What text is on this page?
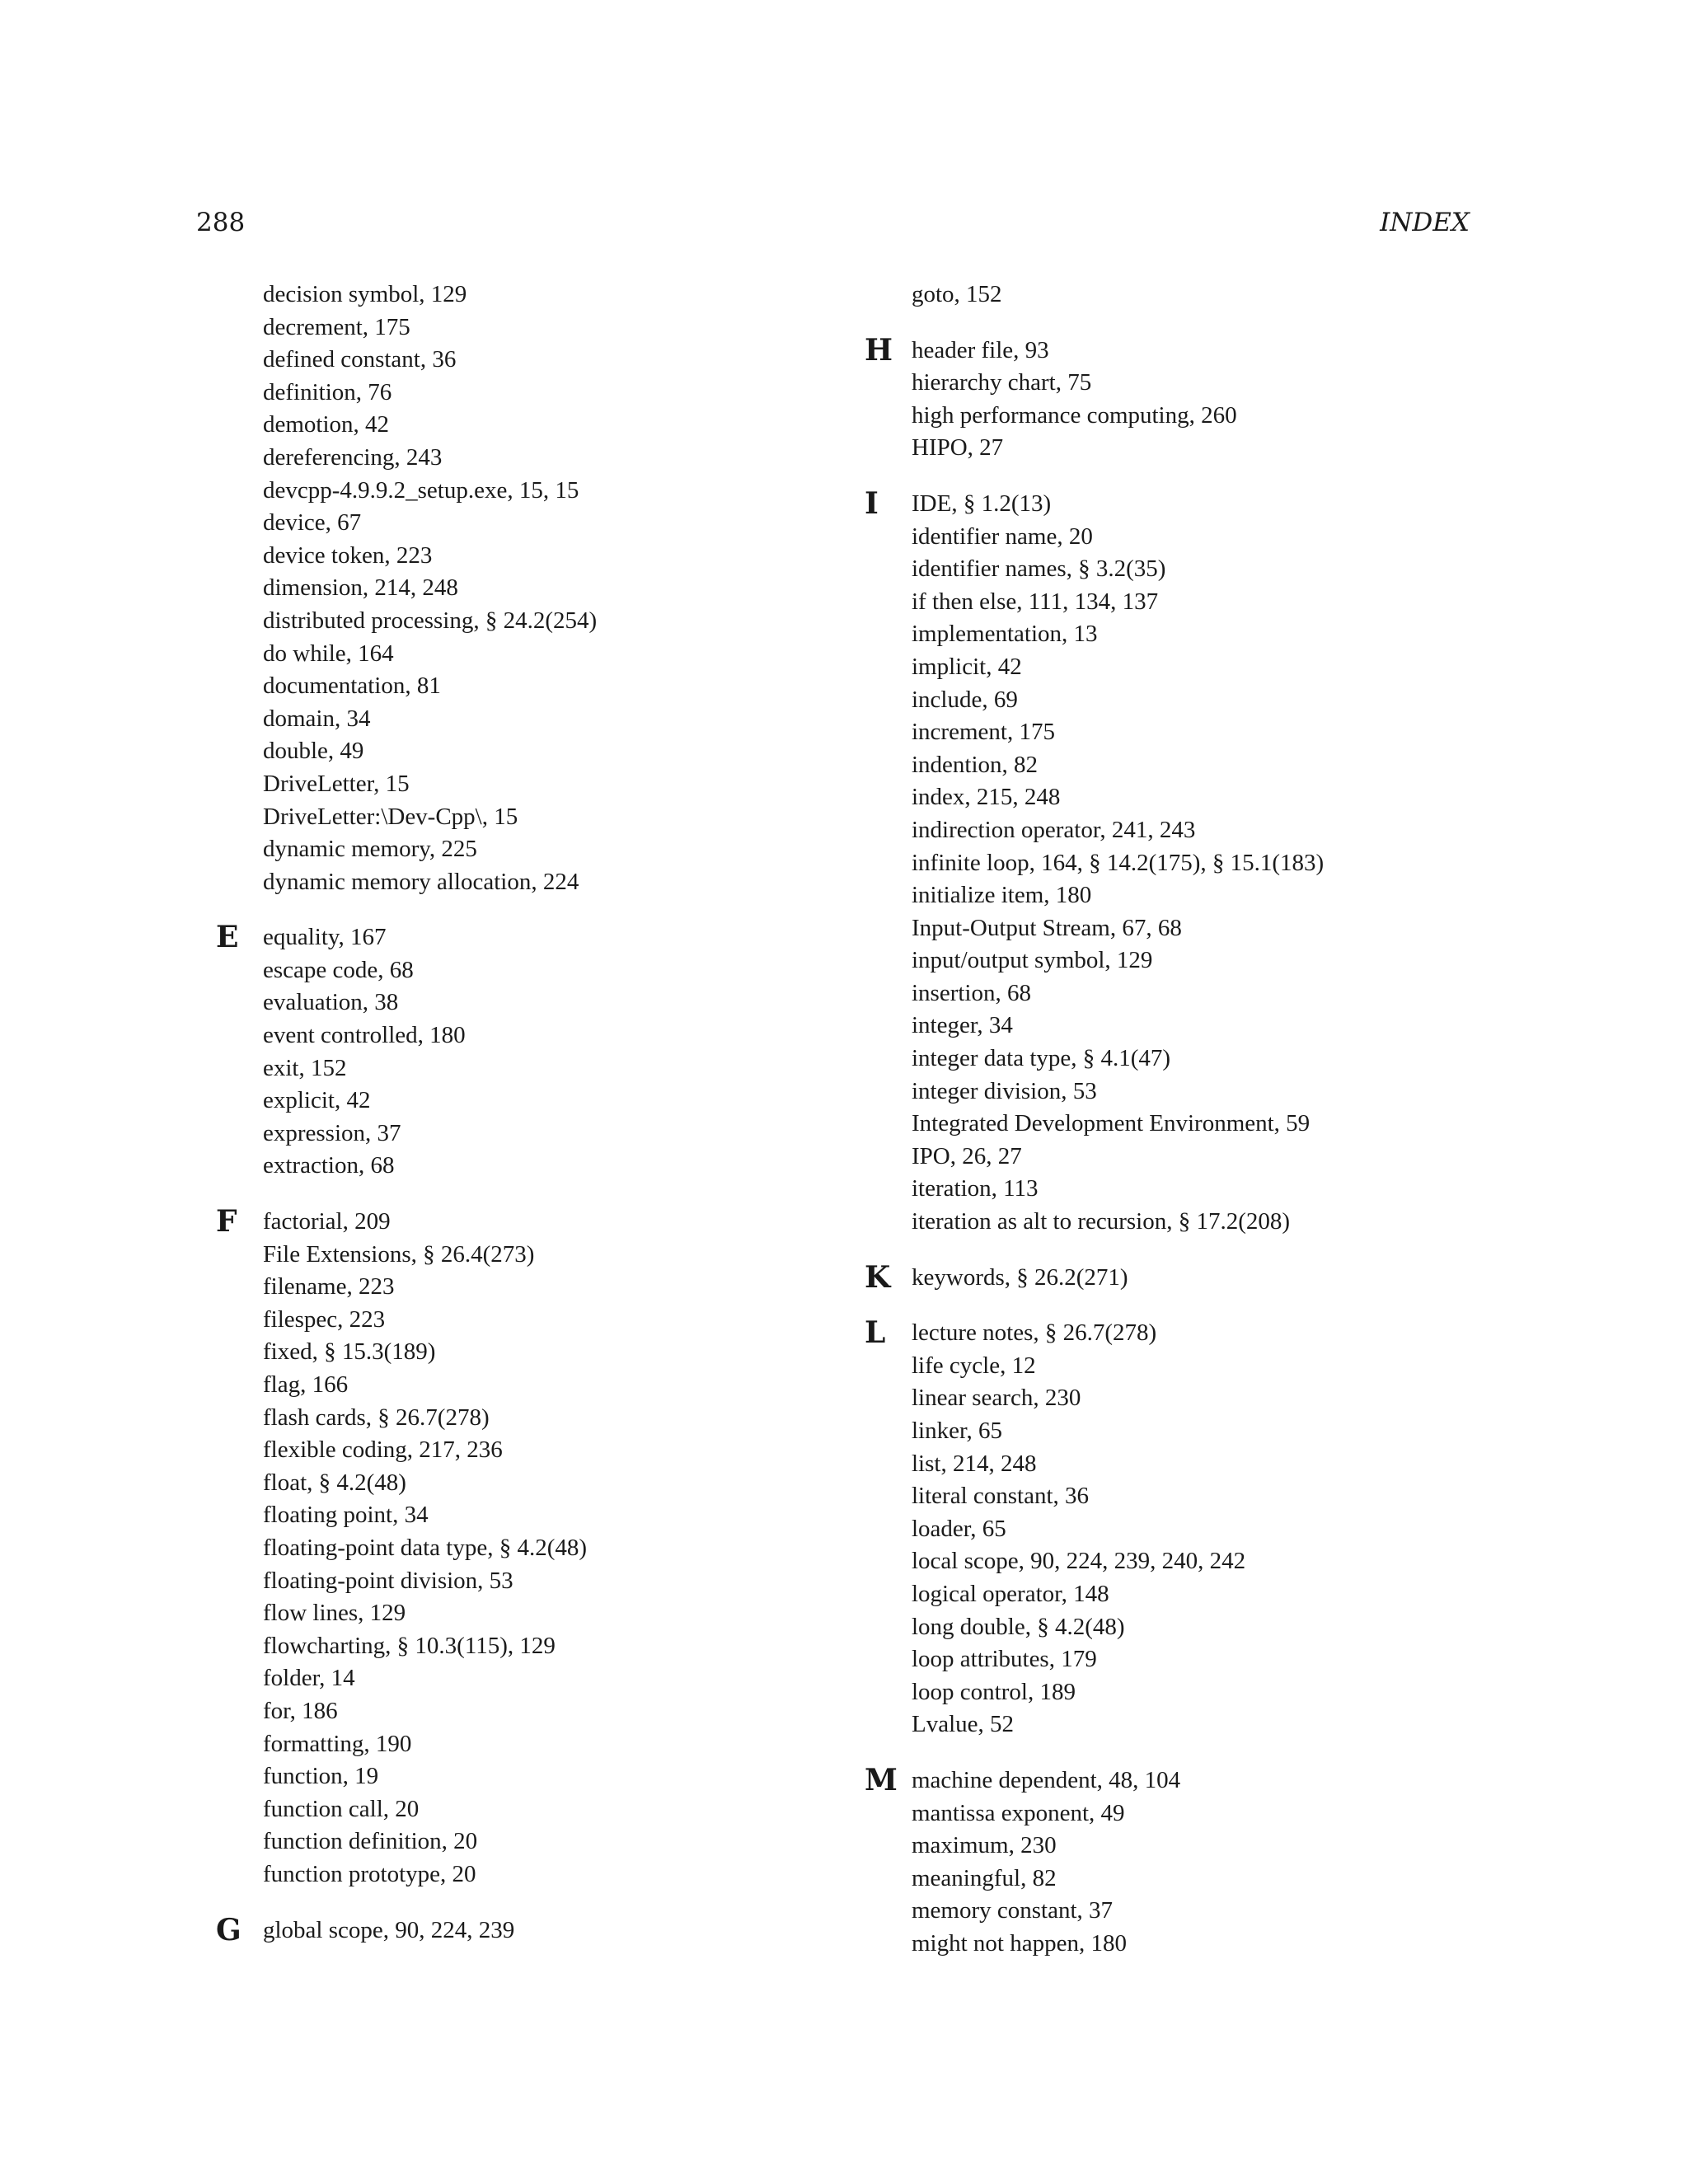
288	INDEX
decision symbol, 129
decrement, 175
defined constant, 36
definition, 76
demotion, 42
dereferencing, 243
devcpp-4.9.9.2_setup.exe, 15, 15
device, 67
device token, 223
dimension, 214, 248
distributed processing, § 24.2(254)
do while, 164
documentation, 81
domain, 34
double, 49
DriveLetter, 15
DriveLetter:\Dev-Cpp\, 15
dynamic memory, 225
dynamic memory allocation, 224
E equality, 167
escape code, 68
evaluation, 38
event controlled, 180
exit, 152
explicit, 42
expression, 37
extraction, 68
F factorial, 209
File Extensions, § 26.4(273)
filename, 223
filespec, 223
fixed, § 15.3(189)
flag, 166
flash cards, § 26.7(278)
flexible coding, 217, 236
float, § 4.2(48)
floating point, 34
floating-point data type, § 4.2(48)
floating-point division, 53
flow lines, 129
flowcharting, § 10.3(115), 129
folder, 14
for, 186
formatting, 190
function, 19
function call, 20
function definition, 20
function prototype, 20
G global scope, 90, 224, 239
goto, 152
H header file, 93
hierarchy chart, 75
high performance computing, 260
HIPO, 27
I IDE, § 1.2(13)
identifier name, 20
identifier names, § 3.2(35)
if then else, 111, 134, 137
implementation, 13
implicit, 42
include, 69
increment, 175
indention, 82
index, 215, 248
indirection operator, 241, 243
infinite loop, 164, § 14.2(175), § 15.1(183)
initialize item, 180
Input-Output Stream, 67, 68
input/output symbol, 129
insertion, 68
integer, 34
integer data type, § 4.1(47)
integer division, 53
Integrated Development Environment, 59
IPO, 26, 27
iteration, 113
iteration as alt to recursion, § 17.2(208)
K keywords, § 26.2(271)
L lecture notes, § 26.7(278)
life cycle, 12
linear search, 230
linker, 65
list, 214, 248
literal constant, 36
loader, 65
local scope, 90, 224, 239, 240, 242
logical operator, 148
long double, § 4.2(48)
loop attributes, 179
loop control, 189
Lvalue, 52
M machine dependent, 48, 104
mantissa exponent, 49
maximum, 230
meaningful, 82
memory constant, 37
might not happen, 180
